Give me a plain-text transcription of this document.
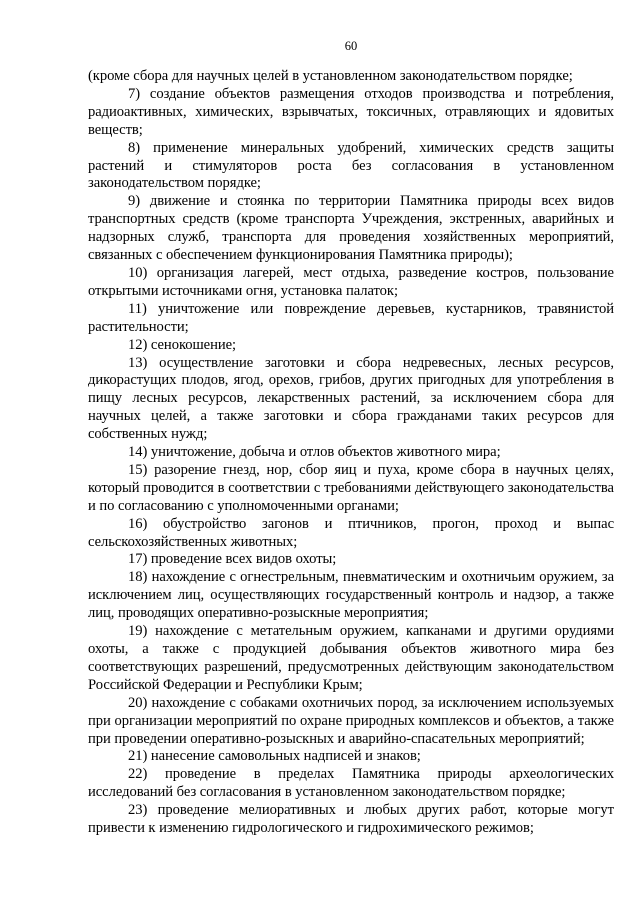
60

(кроме сбора для научных целей в установленном законодательством порядке;

7) создание объектов размещения отходов производства и потребления, радиоактивных, химических, взрывчатых, токсичных, отравляющих и ядовитых веществ;

8) применение минеральных удобрений, химических средств защиты растений и стимуляторов роста без согласования в установленном законодательством порядке;

9) движение и стоянка по территории Памятника природы всех видов транспортных средств (кроме транспорта Учреждения, экстренных, аварийных и надзорных служб, транспорта для проведения хозяйственных мероприятий, связанных с обеспечением функционирования Памятника природы);

10) организация лагерей, мест отдыха, разведение костров, пользование открытыми источниками огня, установка палаток;

11) уничтожение или повреждение деревьев, кустарников, травянистой растительности;

12) сенокошение;

13) осуществление заготовки и сбора недревесных, лесных ресурсов, дикорастущих плодов, ягод, орехов, грибов, других пригодных для употребления в пищу лесных ресурсов, лекарственных растений, за исключением сбора для научных целей, а также заготовки и сбора гражданами таких ресурсов для собственных нужд;

14) уничтожение, добыча и отлов объектов животного мира;

15) разорение гнезд, нор, сбор яиц и пуха, кроме сбора в научных целях, который проводится в соответствии с требованиями действующего законодательства и по согласованию с уполномоченными органами;

16) обустройство загонов и птичников, прогон, проход и выпас сельскохозяйственных животных;

17) проведение всех видов охоты;

18) нахождение с огнестрельным, пневматическим и охотничьим оружием, за исключением лиц, осуществляющих государственный контроль и надзор, а также лиц, проводящих оперативно-розыскные мероприятия;

19) нахождение с метательным оружием, капканами и другими орудиями охоты, а также с продукцией добывания объектов животного мира без соответствующих разрешений, предусмотренных действующим законодательством Российской Федерации и Республики Крым;

20) нахождение с собаками охотничьих пород, за исключением используемых при организации мероприятий по охране природных комплексов и объектов, а также при проведении оперативно-розыскных и аварийно-спасательных мероприятий;

21) нанесение самовольных надписей и знаков;

22) проведение в пределах Памятника природы археологических исследований без согласования в установленном законодательством порядке;

23) проведение мелиоративных и любых других работ, которые могут привести к изменению гидрологического и гидрохимического режимов;
